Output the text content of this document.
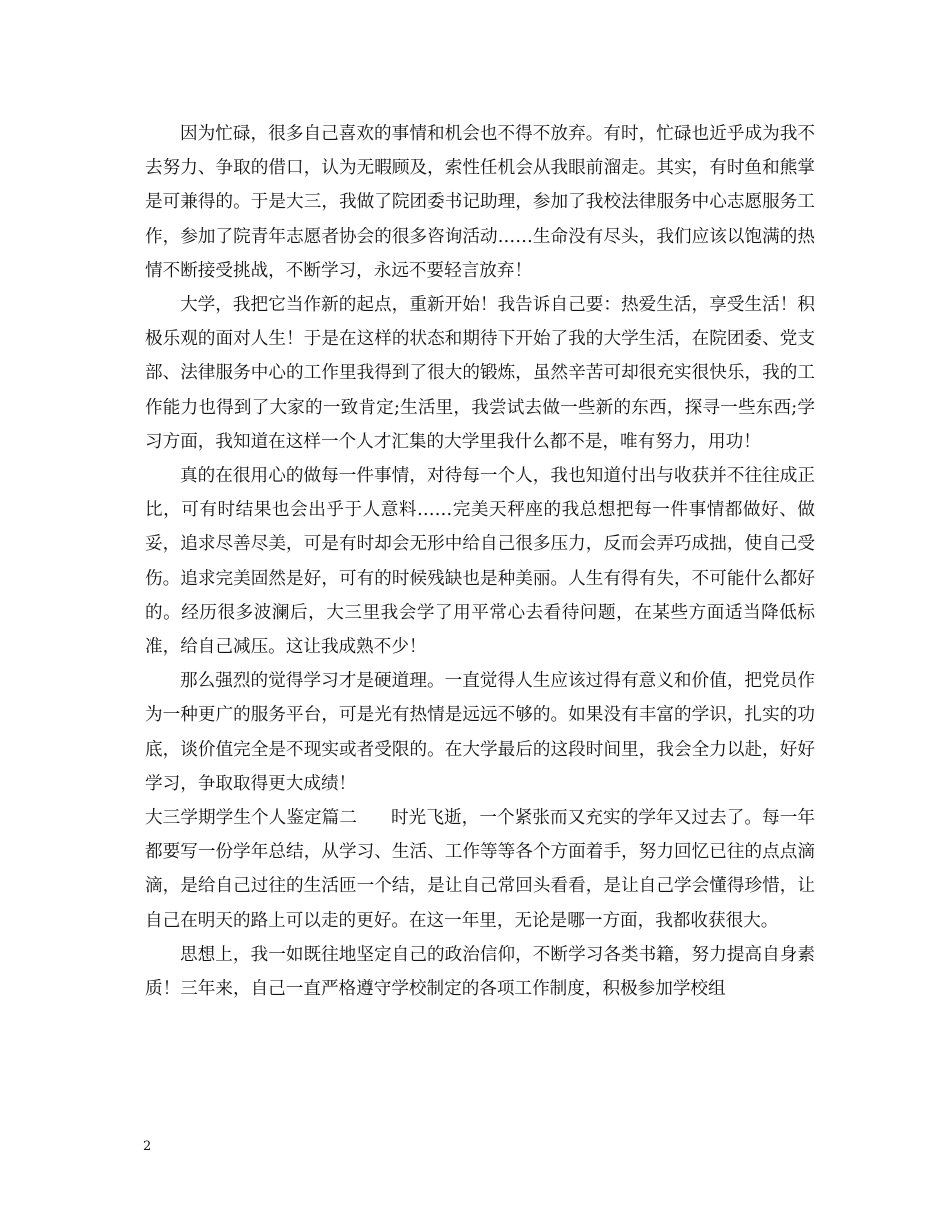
因为忙碌，很多自己喜欢的事情和机会也不得不放弃。有时，忙碌也近乎成为我不去努力、争取的借口，认为无暇顾及，索性任机会从我眼前溜走。其实，有时鱼和熊掌是可兼得的。于是大三，我做了院团委书记助理，参加了我校法律服务中心志愿服务工作，参加了院青年志愿者协会的很多咨询活动……生命没有尽头，我们应该以饱满的热情不断接受挑战，不断学习，永远不要轻言放弃！

大学，我把它当作新的起点，重新开始！我告诉自己要：热爱生活，享受生活！积极乐观的面对人生！于是在这样的状态和期待下开始了我的大学生活，在院团委、党支部、法律服务中心的工作里我得到了很大的锻炼，虽然辛苦可却很充实很快乐，我的工作能力也得到了大家的一致肯定;生活里，我尝试去做一些新的东西，探寻一些东西;学习方面，我知道在这样一个人才汇集的大学里我什么都不是，唯有努力，用功！

真的在很用心的做每一件事情，对待每一个人，我也知道付出与收获并不往往成正比，可有时结果也会出乎于人意料……完美天秤座的我总想把每一件事情都做好、做妥，追求尽善尽美，可是有时却会无形中给自己很多压力，反而会弄巧成拙，使自己受伤。追求完美固然是好，可有的时候残缺也是种美丽。人生有得有失，不可能什么都好的。经历很多波澜后，大三里我会学了用平常心去看待问题，在某些方面适当降低标准，给自己减压。这让我成熟不少！

那么强烈的觉得学习才是硬道理。一直觉得人生应该过得有意义和价值，把党员作为一种更广的服务平台，可是光有热情是远远不够的。如果没有丰富的学识，扎实的功底，谈价值完全是不现实或者受限的。在大学最后的这段时间里，我会全力以赴，好好学习，争取取得更大成绩！

大三学期学生个人鉴定篇二 时光飞逝，一个紧张而又充实的学年又过去了。每一年都要写一份学年总结，从学习、生活、工作等等各个方面着手，努力回忆已往的点点滴滴，是给自己过往的生活匝一个结，是让自己常回头看看，是让自己学会懂得珍惜，让自己在明天的路上可以走的更好。在这一年里，无论是哪一方面，我都收获很大。

思想上，我一如既往地坚定自己的政治信仰，不断学习各类书籍，努力提高自身素质！三年来，自己一直严格遵守学校制定的各项工作制度，积极参加学校组

2
